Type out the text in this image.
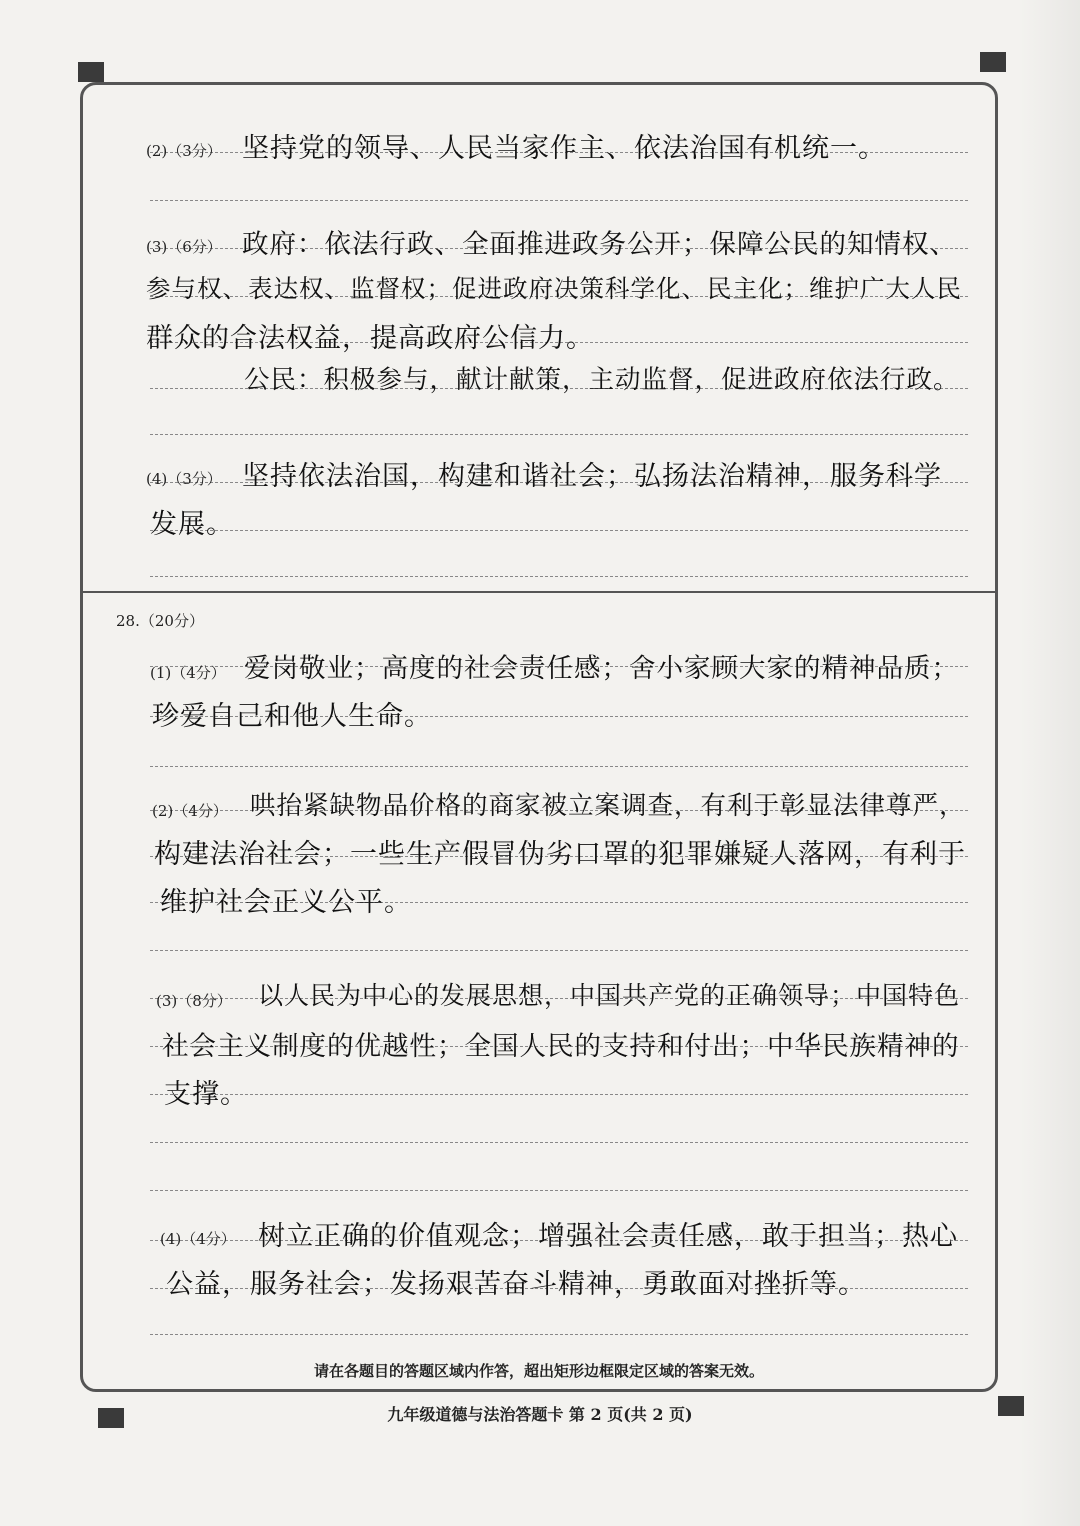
(2)（3分） 坚持党的领导、人民当家作主、依法治国有机统一。
(3)（6分） 政府：依法行政、全面推进政务公开；保障公民的知情权、
参与权、表达权、监督权；促进政府决策科学化、民主化；维护广大人民
群众的合法权益，提高政府公信力。
公民：积极参与，献计献策，主动监督，促进政府依法行政。
(4)（3分） 坚持依法治国，构建和谐社会；弘扬法治精神，服务科学
发展。
28.（20分）
(1)（4分） 爱岗敬业；高度的社会责任感；舍小家顾大家的精神品质；
珍爱自己和他人生命。
(2)（4分） 哄抬紧缺物品价格的商家被立案调查，有利于彰显法律尊严，
构建法治社会；一些生产假冒伪劣口罩的犯罪嫌疑人落网，有利于
维护社会正义公平。
(3)（8分） 以人民为中心的发展思想，中国共产党的正确领导；中国特色
社会主义制度的优越性；全国人民的支持和付出；中华民族精神的
支撑。
(4)（4分） 树立正确的价值观念；增强社会责任感，敢于担当；热心
公益，服务社会；发扬艰苦奋斗精神，勇敢面对挫折等。
请在各题目的答题区域内作答，超出矩形边框限定区域的答案无效。
九年级道德与法治答题卡 第 2 页(共 2 页)
